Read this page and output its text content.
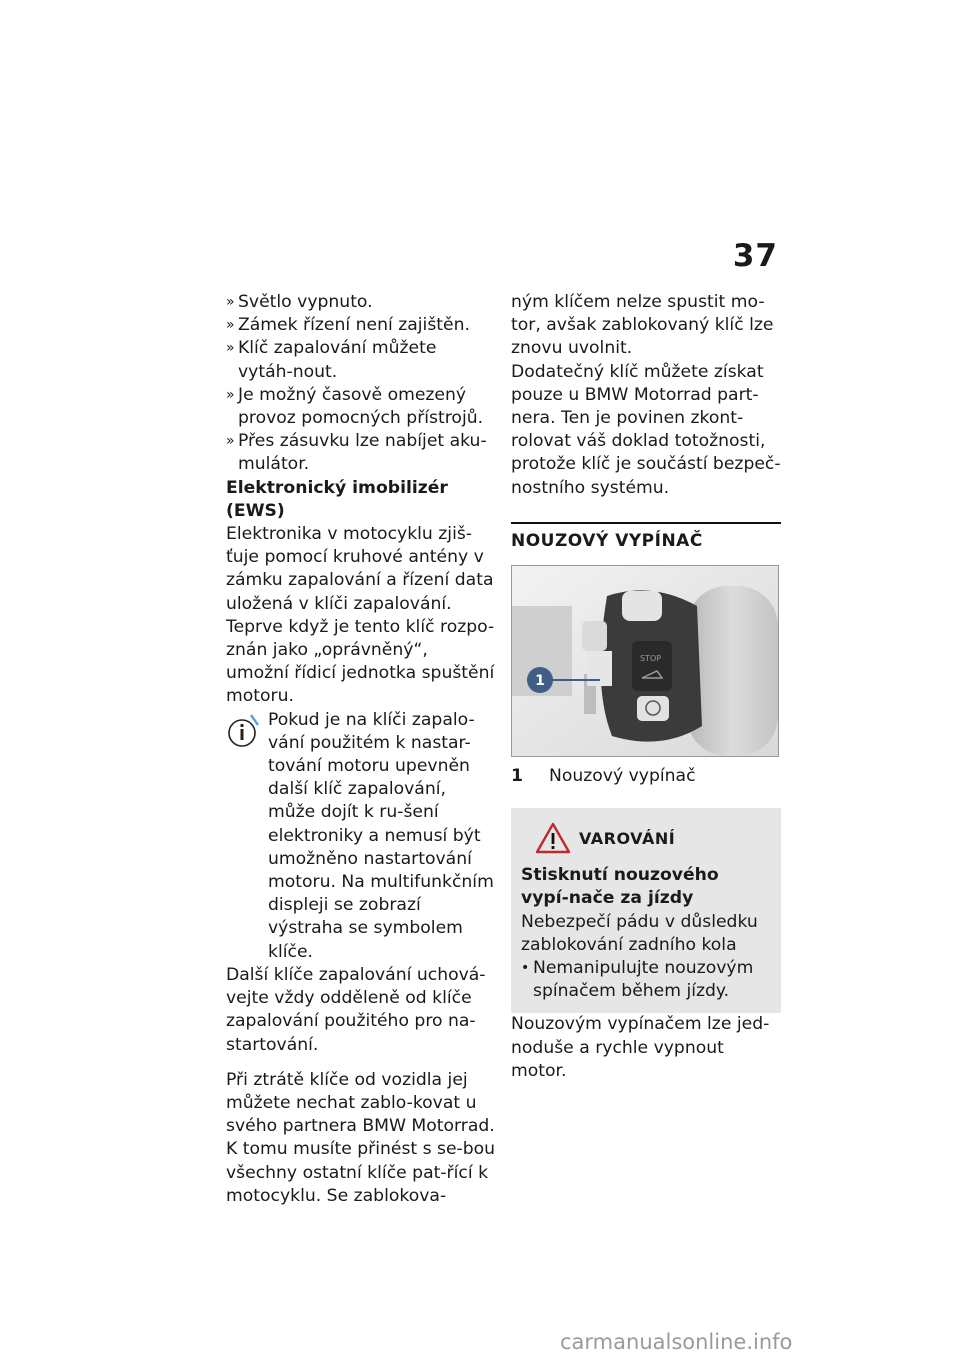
37
» Světlo vypnuto.
» Zámek řízení není zajištěn.
» Klíč zapalování můžete vytáh-nout.
» Je možný časově omezený provoz pomocných přístrojů.
» Přes zásuvku lze nabíjet aku-mulátor.

Elektronický imobilizér (EWS)

Elektronika v motocyklu zjiš-ťuje pomocí kruhové antény v zámku zapalování a řízení data uložená v klíči zapalování. Teprve když je tento klíč rozpo-znán jako „oprávněný“, umožní řídicí jednotka spuštění motoru.

Pokud je na klíči zapalo-vání použitém k nastar-tování motoru upevněn další klíč zapalování, může dojít k ru-šení elektroniky a nemusí být umožněno nastartování motoru. Na multifunkčním displeji se zobrazí výstraha se symbolem klíče.

Další klíče zapalování uchová-vejte vždy odděleně od klíče zapalování použitého pro na-startování.

Při ztrátě klíče od vozidla jej můžete nechat zablo-kovat u svého partnera BMW Motorrad.

K tomu musíte přinést s se-bou všechny ostatní klíče pat-řící k motocyklu. Se zablokova-

ným klíčem nelze spustit mo-tor, avšak zablokovaný klíč lze znovu uvolnit.

Dodatečný klíč můžete získat pouze u BMW Motorrad part-nera. Ten je povinen zkont-rolovat váš doklad totožnosti, protože klíč je součástí bezpeč-nostního systému.

NOUZOVÝ VYPÍNAČ
STOP
1
1	Nouzový vypínač
VAROVÁNÍ

Stisknutí nouzového vypí-nače za jízdy

Nebezpečí pádu v důsledku zablokování zadního kola

• Nemanipulujte nouzovým spínačem během jízdy.

Nouzovým vypínačem lze jed-noduše a rychle vypnout motor.

carmanualsonline.info
